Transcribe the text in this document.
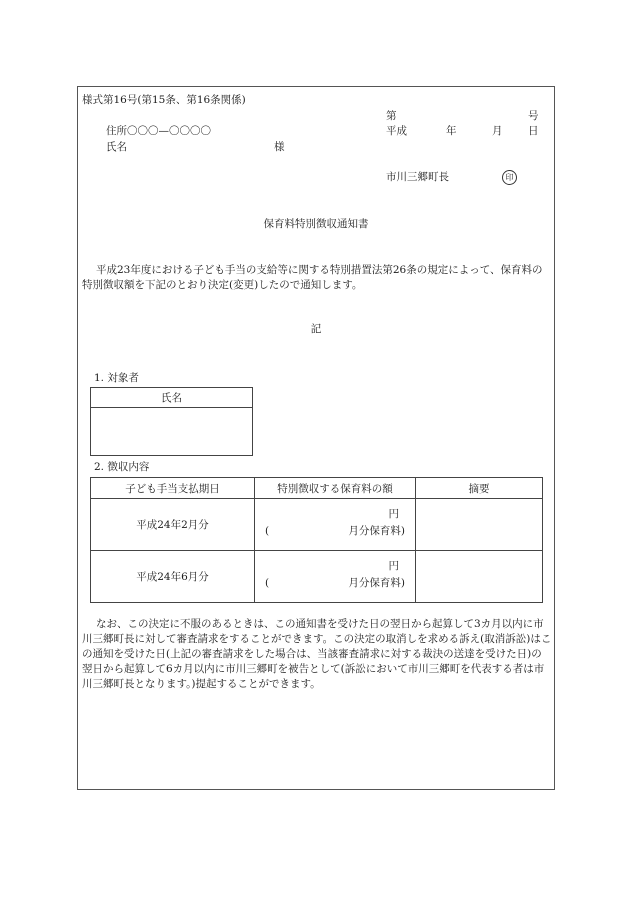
様式第16号(第15条、第16条関係)
第	号
平成	年	月 日
住所〇〇〇—〇〇〇〇
氏名	様
市川三郷町長	印
保育料特別徴収通知書
平成23年度における子ども手当の支給等に関する特別措置法第26条の規定によって、保育料の特別徴収額を下記のとおり決定(変更)したので通知します。
記
1. 対象者
氏名

2. 徴収内容
子ども手当支払期日	特別徴収する保育料の額	摘要
平成24年2月分	円
( 月分保育料)	

平成24年6月分	円
( 月分保育料)	

なお、この決定に不服のあるときは、この通知書を受けた日の翌日から起算して3カ月以内に市川三郷町長に対して審査請求をすることができます。この決定の取消しを求める訴え(取消訴訟)はこの通知を受けた日(上記の審査請求をした場合は、当該審査請求に対する裁決の送達を受けた日)の翌日から起算して6カ月以内に市川三郷町を被告として(訴訟において市川三郷町を代表する者は市川三郷町長となります。)提起することができます。
